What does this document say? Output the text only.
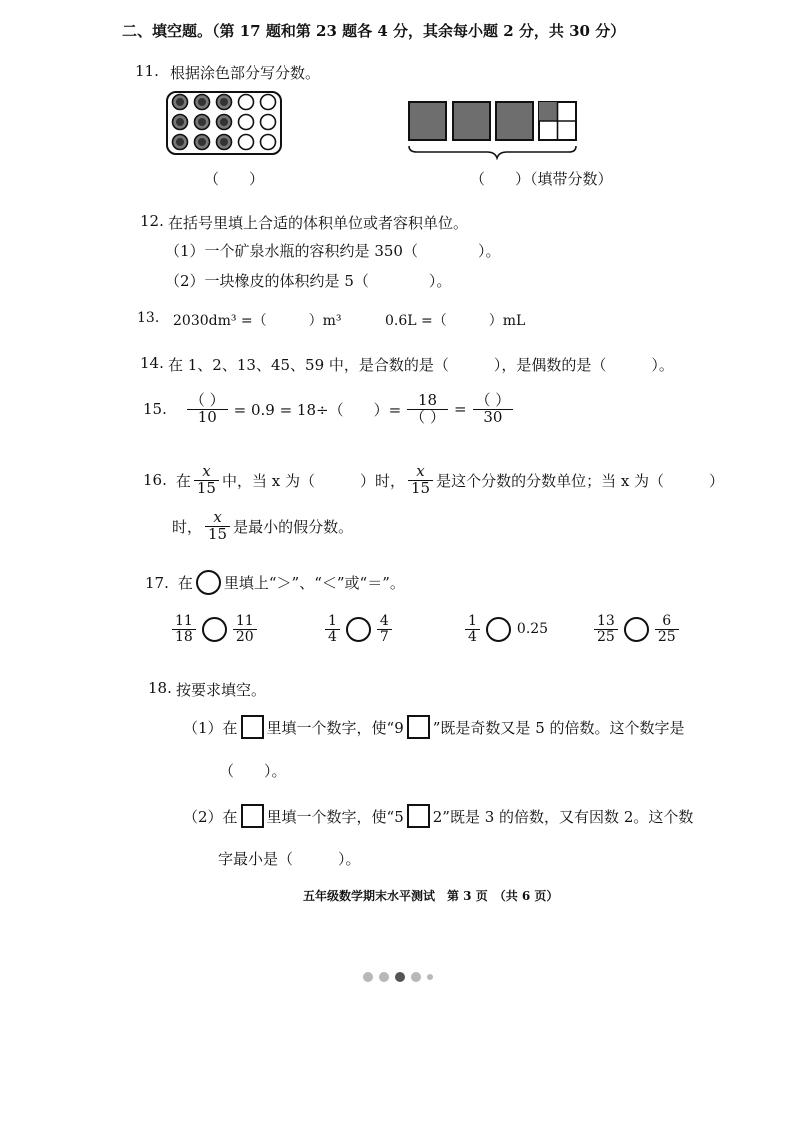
二、填空题。（第 17 题和第 23 题各 4 分，其余每小题 2 分，共 30 分）
11. 根据涂色部分写分数。
（　　）	（　　）（填带分数）
12. 在括号里填上合适的体积单位或者容积单位。
（1）一个矿泉水瓶的容积约是 350（　　　　）。
（2）一块橡皮的体积约是 5（　　　　）。
13. 2030dm³ =（　　　）m³	0.6L =（　　　）mL
14. 在 1、2、13、45、59 中，是合数的是（　　　），是偶数的是（　　　）。
15. $\frac{( )}{10} = 0.9 = 18\div$（　　）= $\frac{18}{( )} = \frac{( )}{30}$
16. 在 $\frac{x}{15}$ 中，当 x 为（　　　）时， $\frac{x}{15}$ 是这个分数的分数单位；当 x 为（　　　）
时， $\frac{x}{15}$ 是最小的假分数。
17. 在 里填上“＞”、“＜”或“＝”。
$\frac{11}{18}$	$\frac{11}{20}$	$\frac{1}{4}$	$\frac{4}{7}$	$\frac{1}{4}$	0.25	$\frac{13}{25}$	$\frac{6}{25}$
18. 按要求填空。
（1）在 里填一个数字，使“9 ”既是奇数又是 5 的倍数。这个数字是
（　　）。
（2）在 里填一个数字，使“5 2”既是 3 的倍数，又有因数 2。这个数
字最小是（　　　）。
五年级数学期末水平测试　第 3 页　（共 6 页）
